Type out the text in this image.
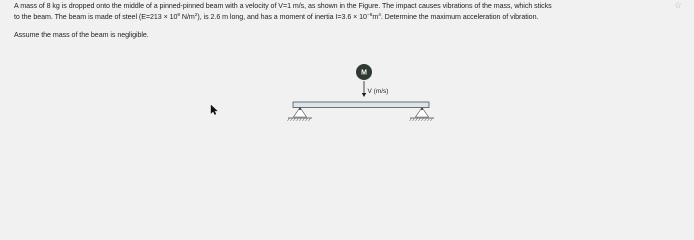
A mass of 8 kg is dropped onto the middle of a pinned-pinned beam with a velocity of V=1 m/s, as shown in the Figure. The impact causes vibrations of the mass, which sticks

to the beam. The beam is made of steel ($E=213 \times 10^9$ $N/m^2$), is 2.6 m long, and has a moment of inertia $I=3.6 \times 10^{-6}m^4$. Determine the maximum acceleration of vibration.

Assume the mass of the beam is negligible.

☆
M
V (m/s)
